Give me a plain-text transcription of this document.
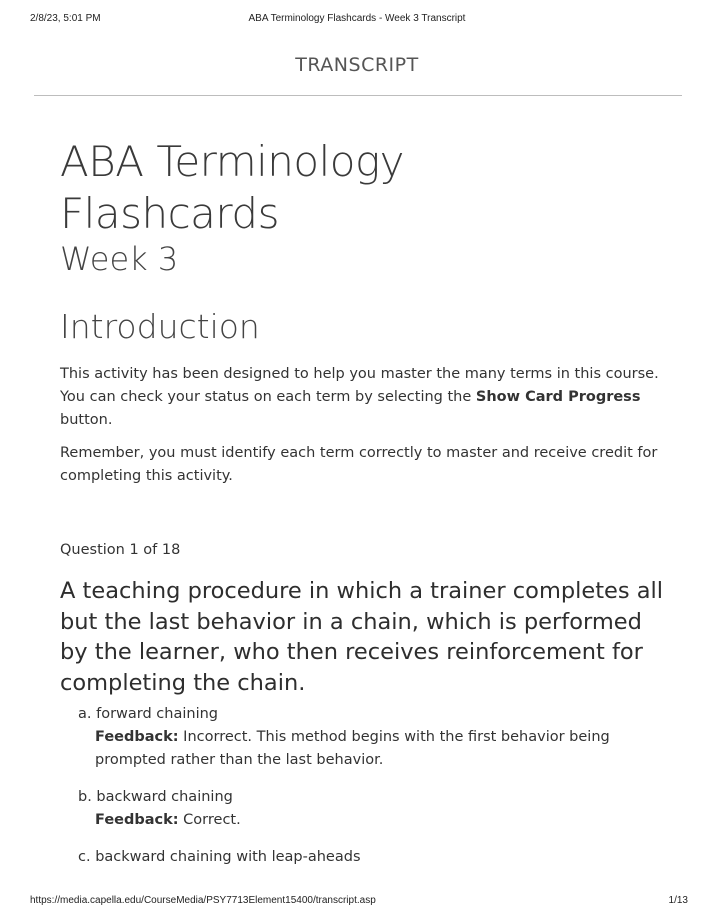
2/8/23, 5:01 PM	ABA Terminology Flashcards - Week 3 Transcript
TRANSCRIPT
ABA Terminology
Flashcards
Week 3
Introduction
This activity has been designed to help you master the many terms in this course. You can check your status on each term by selecting the Show Card Progress button.
Remember, you must identify each term correctly to master and receive credit for completing this activity.
Question 1 of 18
A teaching procedure in which a trainer completes all but the last behavior in a chain, which is performed by the learner, who then receives reinforcement for completing the chain.
a. forward chaining
Feedback: Incorrect. This method begins with the first behavior being prompted rather than the last behavior.
b. backward chaining
Feedback: Correct.
c. backward chaining with leap-aheads
https://media.capella.edu/CourseMedia/PSY7713Element15400/transcript.asp	1/13
